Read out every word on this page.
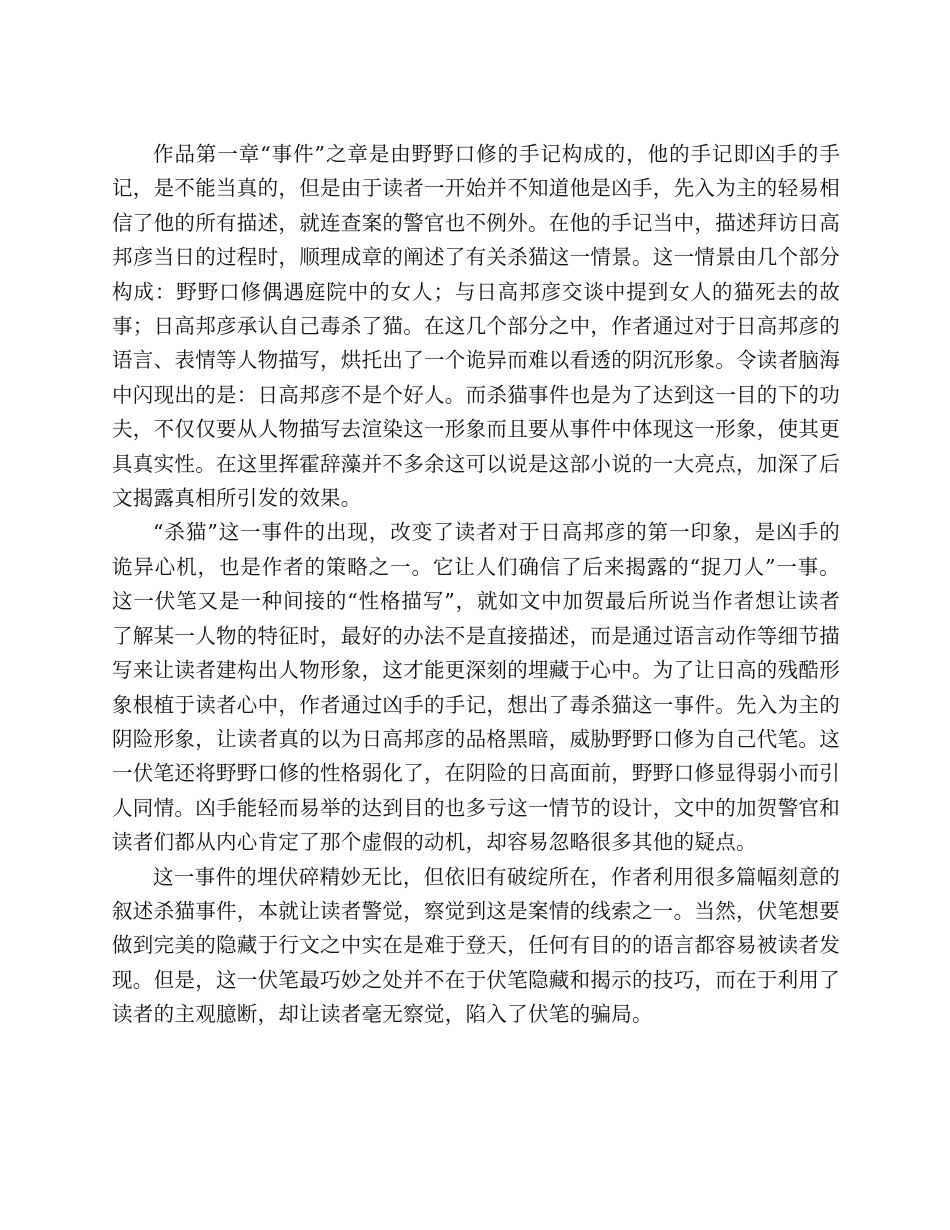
作品第一章“事件”之章是由野野口修的手记构成的，他的手记即凶手的手记，是不能当真的，但是由于读者一开始并不知道他是凶手，先入为主的轻易相信了他的所有描述，就连查案的警官也不例外。在他的手记当中，描述拜访日高邦彦当日的过程时，顺理成章的阐述了有关杀猫这一情景。这一情景由几个部分构成：野野口修偶遇庭院中的女人；与日高邦彦交谈中提到女人的猫死去的故事；日高邦彦承认自己毒杀了猫。在这几个部分之中，作者通过对于日高邦彦的语言、表情等人物描写，烘托出了一个诡异而难以看透的阴沉形象。令读者脑海中闪现出的是：日高邦彦不是个好人。而杀猫事件也是为了达到这一目的下的功夫，不仅仅要从人物描写去渲染这一形象而且要从事件中体现这一形象，使其更具真实性。在这里挥霍辞藻并不多余这可以说是这部小说的一大亮点，加深了后文揭露真相所引发的效果。

“杀猫”这一事件的出现，改变了读者对于日高邦彦的第一印象，是凶手的诡异心机，也是作者的策略之一。它让人们确信了后来揭露的“捉刀人”一事。这一伏笔又是一种间接的“性格描写”，就如文中加贺最后所说当作者想让读者了解某一人物的特征时，最好的办法不是直接描述，而是通过语言动作等细节描写来让读者建构出人物形象，这才能更深刻的埋藏于心中。为了让日高的残酷形象根植于读者心中，作者通过凶手的手记，想出了毒杀猫这一事件。先入为主的阴险形象，让读者真的以为日高邦彦的品格黑暗，威胁野野口修为自己代笔。这一伏笔还将野野口修的性格弱化了，在阴险的日高面前，野野口修显得弱小而引人同情。凶手能轻而易举的达到目的也多亏这一情节的设计，文中的加贺警官和读者们都从内心肯定了那个虚假的动机，却容易忽略很多其他的疑点。

这一事件的埋伏碎精妙无比，但依旧有破绽所在，作者利用很多篇幅刻意的叙述杀猫事件，本就让读者警觉，察觉到这是案情的线索之一。当然，伏笔想要做到完美的隐藏于行文之中实在是难于登天，任何有目的的语言都容易被读者发现。但是，这一伏笔最巧妙之处并不在于伏笔隐藏和揭示的技巧，而在于利用了读者的主观臆断，却让读者毫无察觉，陷入了伏笔的骗局。
